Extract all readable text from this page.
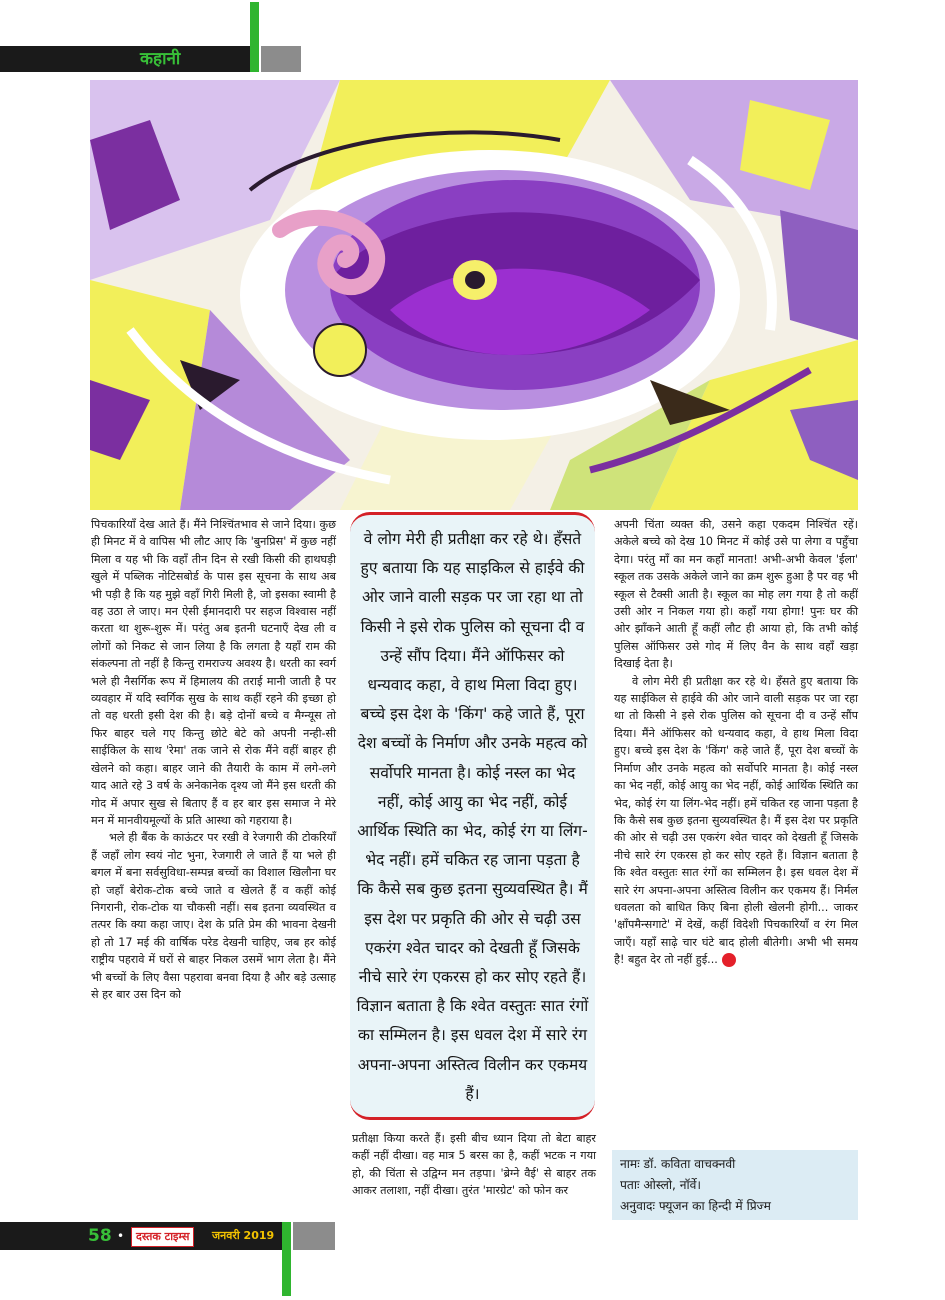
कहानी

पिचकारियाँ देख आते हैं। मैंने निश्चिंतभाव से जाने दिया। कुछ ही मिनट में वे वापिस भी लौट आए कि 'बुनप्रिस' में कुछ नहीं मिला व यह भी कि वहाँ तीन दिन से रखी किसी की हाथघड़ी खुले में पब्लिक नोटिसबोर्ड के पास इस सूचना के साथ अब भी पड़ी है कि यह मुझे वहाँ गिरी मिली है, जो इसका स्वामी है वह उठा ले जाए। मन ऐसी ईमानदारी पर सहज विश्वास नहीं करता था शुरू-शुरू में। परंतु अब इतनी घटनाएँ देख ली व लोगों को निकट से जान लिया है कि लगता है यहाँ राम की संकल्पना तो नहीं है किन्तु रामराज्य अवश्य है। धरती का स्वर्ग भले ही नैसर्गिक रूप में हिमालय की तराई मानी जाती है पर व्यवहार में यदि स्वर्गिक सुख के साथ कहीं रहने की इच्छा हो तो वह धरती इसी देश की है। बड़े दोनों बच्चे व मैग्न्यूस तो फिर बाहर चले गए किन्तु छोटे बेटे को अपनी नन्ही-सी साईकिल के साथ 'रेमा' तक जाने से रोक मैंने वहीं बाहर ही खेलने को कहा। बाहर जाने की तैयारी के काम में लगे-लगे याद आते रहे 3 वर्ष के अनेकानेक दृश्य जो मैंने इस धरती की गोद में अपार सुख से बिताए हैं व हर बार इस समाज ने मेरे मन में मानवीयमूल्यों के प्रति आस्था को गहराया है।

भले ही बैंक के काऊंटर पर रखी वे रेजगारी की टोकरियाँ हैं जहाँ लोग स्वयं नोट भुना, रेजगारी ले जाते हैं या भले ही बगल में बना सर्वसुविधा-सम्पन्न बच्चों का विशाल खिलौना घर हो जहाँ बेरोक-टोक बच्चे जाते व खेलते हैं व कहीं कोई निगरानी, रोक-टोक या चौकसी नहीं। सब इतना व्यवस्थित व तत्पर कि क्या कहा जाए। देश के प्रति प्रेम की भावना देखनी हो तो 17 मई की वार्षिक परेड देखनी चाहिए, जब हर कोई राष्ट्रीय पहरावे में घरों से बाहर निकल उसमें भाग लेता है। मैंने भी बच्चों के लिए वैसा पहरावा बनवा दिया है और बड़े उत्साह से हर बार उस दिन को

वे लोग मेरी ही प्रतीक्षा कर रहे थे। हँसते हुए बताया कि यह साइकिल से हाईवे की ओर जाने वाली सड़क पर जा रहा था तो किसी ने इसे रोक पुलिस को सूचना दी व उन्हें सौंप दिया। मैंने ऑफिसर को धन्यवाद कहा, वे हाथ मिला विदा हुए। बच्चे इस देश के 'किंग' कहे जाते हैं, पूरा देश बच्चों के निर्माण और उनके महत्व को सर्वोपरि मानता है। कोई नस्ल का भेद नहीं, कोई आयु का भेद नहीं, कोई आर्थिक स्थिति का भेद, कोई रंग या लिंग-भेद नहीं। हमें चकित रह जाना पड़ता है कि कैसे सब कुछ इतना सुव्यवस्थित है। मैं इस देश पर प्रकृति की ओर से चढ़ी उस एकरंग श्वेत चादर को देखती हूँ जिसके नीचे सारे रंग एकरस हो कर सोए रहते हैं। विज्ञान बताता है कि श्वेत वस्तुतः सात रंगों का सम्मिलन है। इस धवल देश में सारे रंग अपना-अपना अस्तित्व विलीन कर एकमय हैं।

प्रतीक्षा किया करते हैं। इसी बीच ध्यान दिया तो बेटा बाहर कहीं नहीं दीखा। वह मात्र 5 बरस का है, कहीं भटक न गया हो, की चिंता से उद्विग्न मन तड़पा। 'ब्रेग्ने वैई' से बाहर तक आकर तलाशा, नहीं दीखा। तुरंत 'मारग्रेट' को फोन कर

अपनी चिंता व्यक्त की, उसने कहा एकदम निश्चिंत रहें। अकेले बच्चे को देख 10 मिनट में कोई उसे पा लेगा व पहुँचा देगा। परंतु माँ का मन कहाँ मानता! अभी-अभी केवल 'ईला' स्कूल तक उसके अकेले जाने का क्रम शुरू हुआ है पर वह भी स्कूल से टैक्सी आती है। स्कूल का मोह लग गया है तो कहीं उसी ओर न निकल गया हो। कहाँ गया होगा! पुनः घर की ओर झाँकने आती हूँ कहीं लौट ही आया हो, कि तभी कोई पुलिस ऑफिसर उसे गोद में लिए वैन के साथ वहाँ खड़ा दिखाई देता है।

वे लोग मेरी ही प्रतीक्षा कर रहे थे। हँसते हुए बताया कि यह साईकिल से हाईवे की ओर जाने वाली सड़क पर जा रहा था तो किसी ने इसे रोक पुलिस को सूचना दी व उन्हें सौंप दिया। मैंने ऑफिसर को धन्यवाद कहा, वे हाथ मिला विदा हुए। बच्चे इस देश के 'किंग' कहे जाते हैं, पूरा देश बच्चों के निर्माण और उनके महत्व को सर्वोपरि मानता है। कोई नस्ल का भेद नहीं, कोई आयु का भेद नहीं, कोई आर्थिक स्थिति का भेद, कोई रंग या लिंग-भेद नहीं। हमें चकित रह जाना पड़ता है कि कैसे सब कुछ इतना सुव्यवस्थित है। मैं इस देश पर प्रकृति की ओर से चढ़ी उस एकरंग श्वेत चादर को देखती हूँ जिसके नीचे सारे रंग एकरस हो कर सोए रहते हैं। विज्ञान बताता है कि श्वेत वस्तुतः सात रंगों का सम्मिलन है। इस धवल देश में सारे रंग अपना-अपना अस्तित्व विलीन कर एकमय हैं। निर्मल धवलता को बाधित किए बिना होली खेलनी होगी... जाकर 'क्षाँपमैन्सगाटे' में देखें, कहीं विदेशी पिचकारियाँ व रंग मिल जाएँ। यहाँ साढ़े चार घंटे बाद होली बीतेगी। अभी भी समय है! बहुत देर तो नहीं हुई...

नामः डॉ. कविता वाचक्नवी
पताः ओस्लो, नॉर्वे।
अनुवादः फ्यूजन का हिन्दी में प्रिज्म
58 •	दस्तक टाइम्स	जनवरी 2019
